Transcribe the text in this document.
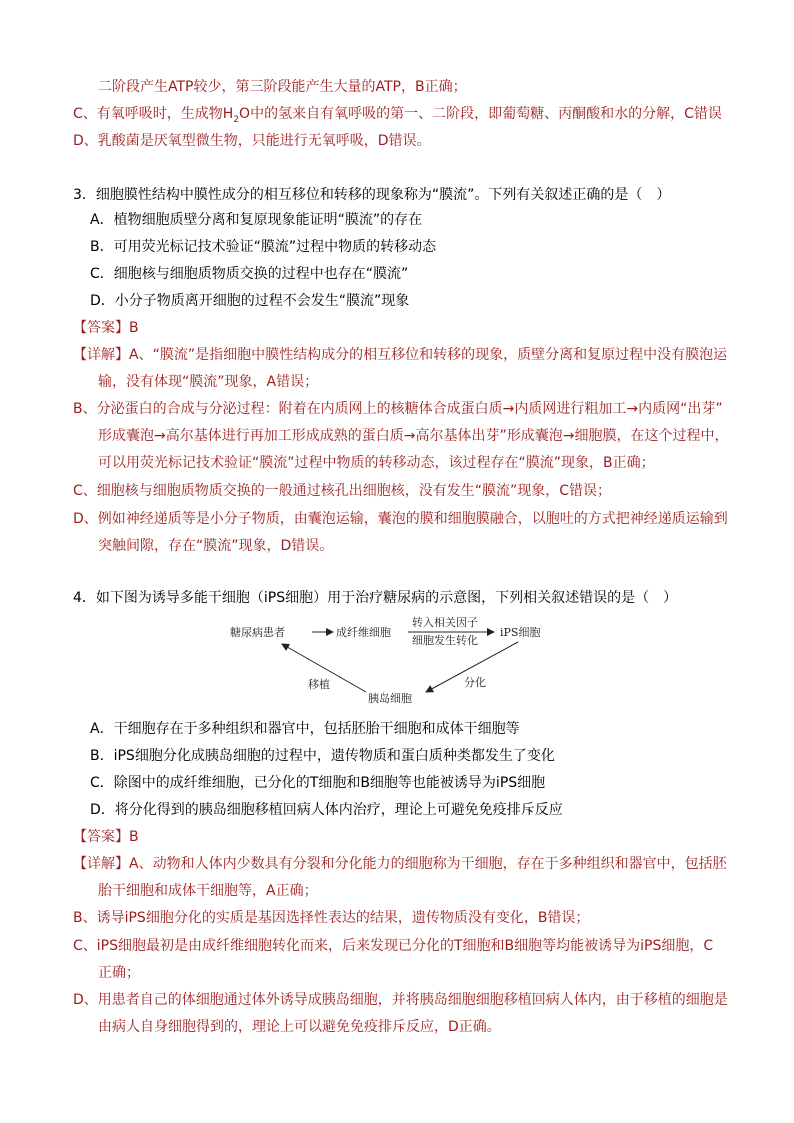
二阶段产生ATP较少，第三阶段能产生大量的ATP，B正确；
C、有氧呼吸时，生成物$H_2O$中的氢来自有氧呼吸的第一、二阶段，即葡萄糖、丙酮酸和水的分解，C错误
D、乳酸菌是厌氧型微生物，只能进行无氧呼吸，D错误。
3．细胞膜性结构中膜性成分的相互移位和转移的现象称为“膜流”。下列有关叙述正确的是（　）
A．植物细胞质壁分离和复原现象能证明“膜流”的存在
B．可用荧光标记技术验证“膜流”过程中物质的转移动态
C．细胞核与细胞质物质交换的过程中也存在“膜流”
D．小分子物质离开细胞的过程不会发生“膜流”现象
【答案】B
【详解】A、“膜流”是指细胞中膜性结构成分的相互移位和转移的现象，质壁分离和复原过程中没有膜泡运
输，没有体现“膜流”现象，A错误；
B、分泌蛋白的合成与分泌过程：附着在内质网上的核糖体合成蛋白质→内质网进行粗加工→内质网“出芽”
形成囊泡→高尔基体进行再加工形成成熟的蛋白质→高尔基体出芽”形成囊泡→细胞膜，在这个过程中，
可以用荧光标记技术验证“膜流”过程中物质的转移动态，该过程存在“膜流”现象，B正确；
C、细胞核与细胞质物质交换的一般通过核孔出细胞核，没有发生“膜流”现象，C错误；
D、例如神经递质等是小分子物质，由囊泡运输，囊泡的膜和细胞膜融合，以胞吐的方式把神经递质运输到
突触间隙，存在“膜流”现象，D错误。
4．如下图为诱导多能干细胞（iPS细胞）用于治疗糖尿病的示意图，下列相关叙述错误的是（　）
糖尿病患者	成纤维细胞
转入相关因子
细胞发生转化
iPS细胞
分化
胰岛细胞
移植
A．干细胞存在于多种组织和器官中，包括胚胎干细胞和成体干细胞等
B．iPS细胞分化成胰岛细胞的过程中，遗传物质和蛋白质种类都发生了变化
C．除图中的成纤维细胞，已分化的T细胞和B细胞等也能被诱导为iPS细胞
D．将分化得到的胰岛细胞移植回病人体内治疗，理论上可避免免疫排斥反应
【答案】B
【详解】A、动物和人体内少数具有分裂和分化能力的细胞称为干细胞，存在于多种组织和器官中，包括胚
胎干细胞和成体干细胞等，A正确；
B、诱导iPS细胞分化的实质是基因选择性表达的结果，遗传物质没有变化，B错误；
C、iPS细胞最初是由成纤维细胞转化而来，后来发现已分化的T细胞和B细胞等均能被诱导为iPS细胞，C
正确；
D、用患者自己的体细胞通过体外诱导成胰岛细胞，并将胰岛细胞细胞移植回病人体内，由于移植的细胞是
由病人自身细胞得到的，理论上可以避免免疫排斥反应，D正确。
